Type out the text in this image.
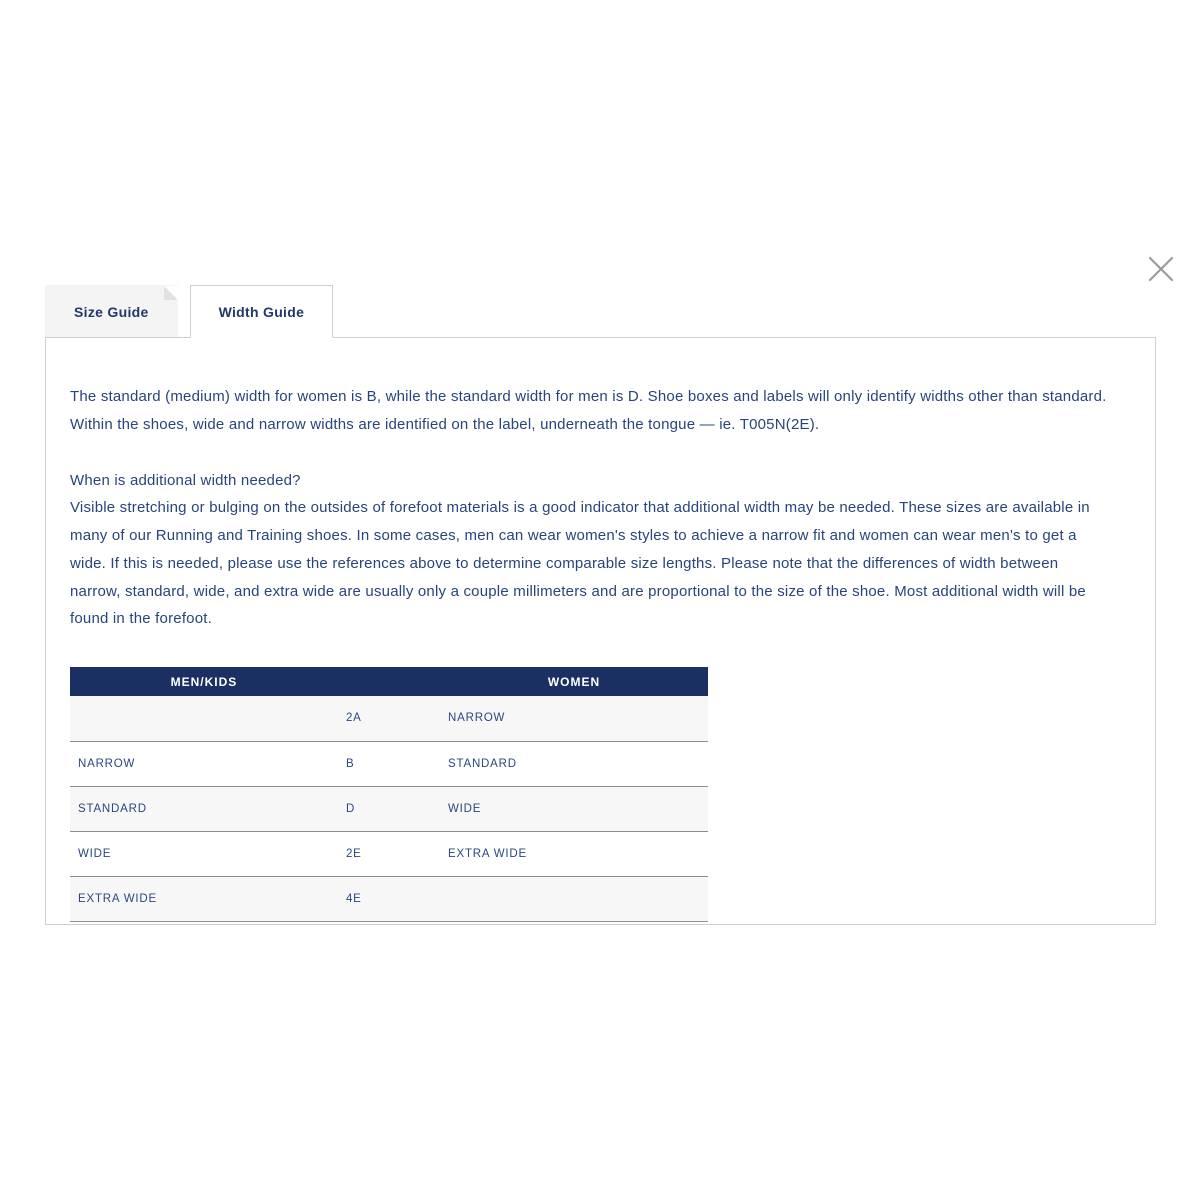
Size Guide	Width Guide

The standard (medium) width for women is B, while the standard width for men is D. Shoe boxes and labels will only identify widths other than standard. Within the shoes, wide and narrow widths are identified on the label, underneath the tongue — ie. T005N(2E).

When is additional width needed?

Visible stretching or bulging on the outsides of forefoot materials is a good indicator that additional width may be needed. These sizes are available in many of our Running and Training shoes. In some cases, men can wear women's styles to achieve a narrow fit and women can wear men's to get a wide. If this is needed, please use the references above to determine comparable size lengths. Please note that the differences of width between narrow, standard, wide, and extra wide are usually only a couple millimeters and are proportional to the size of the shoe. Most additional width will be found in the forefoot.

MEN/KIDS		WOMEN
	2A	NARROW
NARROW	B	STANDARD
STANDARD	D	WIDE
WIDE	2E	EXTRA WIDE
EXTRA WIDE	4E	
